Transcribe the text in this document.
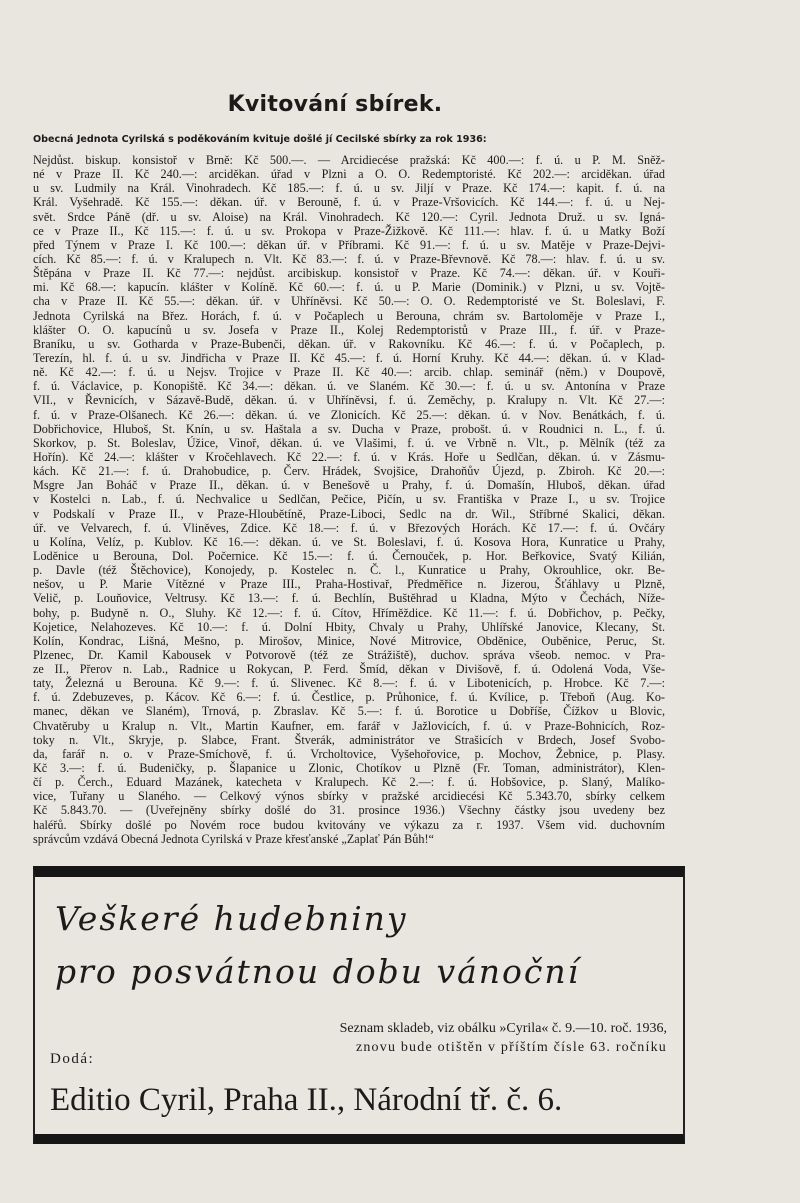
Kvitování sbírek.
Obecná Jednota Cyrilská s poděkováním kvituje došlé jí Cecilské sbírky za rok 1936:
Nejdůst. biskup. konsistoř v Brně: Kč 500.—. — Arcidiecése pražská: Kč 400.—: f. ú. u P. M. Sněž-
né v Praze II. Kč 240.—: arciděkan. úřad v Plzni a O. O. Redemptoristé. Kč 202.—: arciděkan. úřad
u sv. Ludmily na Král. Vinohradech. Kč 185.—: f. ú. u sv. Jiljí v Praze. Kč 174.—: kapit. f. ú. na
Král. Vyšehradě. Kč 155.—: děkan. úř. v Berouně, f. ú. v Praze-Vršovicích. Kč 144.—: f. ú. u Nej-
svět. Srdce Páně (dř. u sv. Aloise) na Král. Vinohradech. Kč 120.—: Cyril. Jednota Druž. u sv. Igná-
ce v Praze II., Kč 115.—: f. ú. u sv. Prokopa v Praze-Žižkově. Kč 111.—: hlav. f. ú. u Matky Boží
před Týnem v Praze I. Kč 100.—: děkan úř. v Příbrami. Kč 91.—: f. ú. u sv. Matěje v Praze-Dejvi-
cích. Kč 85.—: f. ú. v Kralupech n. Vlt. Kč 83.—: f. ú. v Praze-Břevnově. Kč 78.—: hlav. f. ú. u sv.
Štěpána v Praze II. Kč 77.—: nejdůst. arcibiskup. konsistoř v Praze. Kč 74.—: děkan. úř. v Kouři-
mi. Kč 68.—: kapucín. klášter v Kolíně. Kč 60.—: f. ú. u P. Marie (Dominik.) v Plzni, u sv. Vojtě-
cha v Praze II. Kč 55.—: děkan. úř. v Uhříněvsi. Kč 50.—: O. O. Redemptoristé ve St. Boleslavi, F.
Jednota Cyrilská na Břez. Horách, f. ú. v Počaplech u Berouna, chrám sv. Bartoloměje v Praze I.,
klášter O. O. kapucínů u sv. Josefa v Praze II., Kolej Redemptoristů v Praze III., f. úř. v Praze-
Braníku, u sv. Gotharda v Praze-Bubenči, děkan. úř. v Rakovníku. Kč 46.—: f. ú. v Počaplech, p.
Terezín, hl. f. ú. u sv. Jindřicha v Praze II. Kč 45.—: f. ú. Horní Kruhy. Kč 44.—: děkan. ú. v Klad-
ně. Kč 42.—: f. ú. u Nejsv. Trojice v Praze II. Kč 40.—: arcib. chlap. seminář (něm.) v Doupově,
f. ú. Václavice, p. Konopiště. Kč 34.—: děkan. ú. ve Slaném. Kč 30.—: f. ú. u sv. Antonína v Praze
VII., v Řevnicích, v Sázavě-Budě, děkan. ú. v Uhříněvsi, f. ú. Zeměchy, p. Kralupy n. Vlt. Kč 27.—:
f. ú. v Praze-Olšanech. Kč 26.—: děkan. ú. ve Zlonicích. Kč 25.—: děkan. ú. v Nov. Benátkách, f. ú.
Dobřichovice, Hluboš, St. Knín, u sv. Haštala a sv. Ducha v Praze, probošt. ú. v Roudnici n. L., f. ú.
Skorkov, p. St. Boleslav, Úžice, Vinoř, děkan. ú. ve Vlašimi, f. ú. ve Vrbně n. Vlt., p. Mělník (též za
Hořín). Kč 24.—: klášter v Kročehlavech. Kč 22.—: f. ú. v Krás. Hoře u Sedlčan, děkan. ú. v Zásmu-
kách. Kč 21.—: f. ú. Drahobudice, p. Červ. Hrádek, Svojšice, Drahoňův Újezd, p. Zbiroh. Kč 20.—:
Msgre Jan Boháč v Praze II., děkan. ú. v Benešově u Prahy, f. ú. Domašín, Hluboš, děkan. úřad
v Kostelci n. Lab., f. ú. Nechvalice u Sedlčan, Pečice, Pičín, u sv. Františka v Praze I., u sv. Trojice
v Podskalí v Praze II., v Praze-Hloubětíně, Praze-Liboci, Sedlc na dr. Wil., Stříbrné Skalici, děkan.
úř. ve Velvarech, f. ú. Vliněves, Zdice. Kč 18.—: f. ú. v Březových Horách. Kč 17.—: f. ú. Ovčáry
u Kolína, Velíz, p. Kublov. Kč 16.—: děkan. ú. ve St. Boleslavi, f. ú. Kosova Hora, Kunratice u Prahy,
Loděnice u Berouna, Dol. Počernice. Kč 15.—: f. ú. Černouček, p. Hor. Beřkovice, Svatý Kilián,
p. Davle (též Štěchovice), Konojedy, p. Kostelec n. Č. l., Kunratice u Prahy, Okrouhlice, okr. Be-
nešov, u P. Marie Vítězné v Praze III., Praha-Hostivař, Předměřice n. Jizerou, Šťáhlavy u Plzně,
Velič, p. Louňovice, Veltrusy. Kč 13.—: f. ú. Bechlín, Buštěhrad u Kladna, Mýto v Čechách, Níže-
bohy, p. Budyně n. O., Sluhy. Kč 12.—: f. ú. Cítov, Hříměždice. Kč 11.—: f. ú. Dobřichov, p. Pečky,
Kojetice, Nelahozeves. Kč 10.—: f. ú. Dolní Hbity, Chvaly u Prahy, Uhlířské Janovice, Klecany, St.
Kolín, Kondrac, Lišná, Mešno, p. Mirošov, Minice, Nové Mitrovice, Obděnice, Ouběnice, Peruc, St.
Plzenec, Dr. Kamil Kabousek v Potvorově (též ze Strážiště), duchov. správa všeob. nemoc. v Pra-
ze II., Přerov n. Lab., Radnice u Rokycan, P. Ferd. Šmíd, děkan v Divišově, f. ú. Odolená Voda, Vše-
taty, Železná u Berouna. Kč 9.—: f. ú. Slivenec. Kč 8.—: f. ú. v Libotenicích, p. Hrobce. Kč 7.—:
f. ú. Zdebuzeves, p. Kácov. Kč 6.—: f. ú. Čestlice, p. Průhonice, f. ú. Kvílice, p. Třeboň (Aug. Ko-
manec, děkan ve Slaném), Trnová, p. Zbraslav. Kč 5.—: f. ú. Borotice u Dobříše, Čížkov u Blovic,
Chvatěruby u Kralup n. Vlt., Martin Kaufner, em. farář v Jažlovicích, f. ú. v Praze-Bohnicích, Roz-
toky n. Vlt., Skryje, p. Slabce, Frant. Štverák, administrátor ve Strašicích v Brdech, Josef Svobo-
da, farář n. o. v Praze-Smíchově, f. ú. Vrcholtovice, Vyšehořovice, p. Mochov, Žebnice, p. Plasy.
Kč 3.—: f. ú. Budeničky, p. Šlapanice u Zlonic, Chotíkov u Plzně (Fr. Toman, administrátor), Klen-
čí p. Čerch., Eduard Mazánek, katecheta v Kralupech. Kč 2.—: f. ú. Hobšovice, p. Slaný, Malíko-
vice, Tuřany u Slaného. — Celkový výnos sbírky v pražské arcidiecési Kč 5.343.70, sbírky celkem
Kč 5.843.70. — (Uveřejněny sbírky došlé do 31. prosince 1936.) Všechny částky jsou uvedeny bez
haléřů. Sbírky došlé po Novém roce budou kvitovány ve výkazu za r. 1937. Všem vid. duchovním
správcům vzdává Obecná Jednota Cyrilská v Praze křesťanské „Zaplať Pán Bůh!“
Veškeré hudebniny
pro posvátnou dobu vánoční
Seznam skladeb, viz obálku »Cyrila« č. 9.—10. roč. 1936,
znovu bude otištěn v příštím čísle 63. ročníku
Dodá:
Editio Cyril, Praha II., Národní tř. č. 6.
